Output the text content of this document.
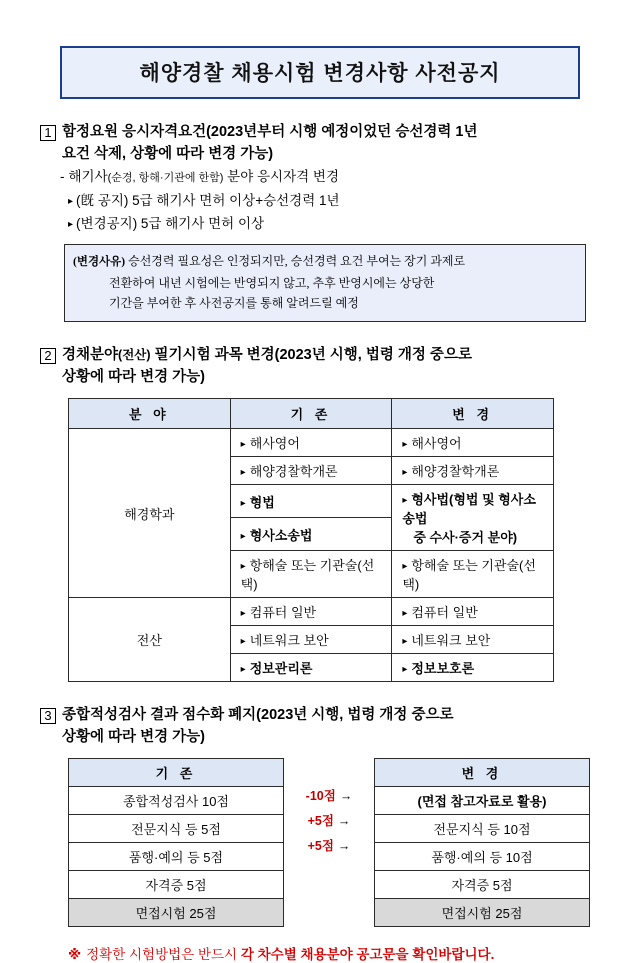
해양경찰 채용시험 변경사항 사전공지
1 함정요원 응시자격요건(2023년부터 시행 예정이었던 승선경력 1년
요건 삭제, 상황에 따라 변경 가능)
- 해기사(순경, 항해·기관에 한함) 분야 응시자격 변경
▸ (旣 공지) 5급 해기사 면허 이상+승선경력 1년
▸ (변경공지) 5급 해기사 면허 이상
(변경사유) 승선경력 필요성은 인정되지만, 승선경력 요건 부여는 장기 과제로
전환하여 내년 시험에는 반영되지 않고, 추후 반영시에는 상당한
기간을 부여한 후 사전공지를 통해 알려드릴 예정
2 경채분야(전산) 필기시험 과목 변경(2023년 시행, 법령 개정 중으로
상황에 따라 변경 가능)
분 야	기 존	변 경
해경학과	▸ 해사영어	▸ 해사영어
	▸ 해양경찰학개론	▸ 해양경찰학개론
	▸ 형법	▸ 형사법(형법 및 형사소송법
중 수사·증거 분야)
	▸ 형사소송법	
	▸ 항해술 또는 기관술(선택)	▸ 항해술 또는 기관술(선택)
전산	▸ 컴퓨터 일반	▸ 컴퓨터 일반
	▸ 네트워크 보안	▸ 네트워크 보안
	▸ 정보관리론	▸ 정보보호론
3 종합적성검사 결과 점수화 폐지(2023년 시행, 법령 개정 중으로
상황에 따라 변경 가능)
기 존
종합적성검사 10점
전문지식 등 5점
품행·예의 등 5점
자격증 5점
면접시험 25점
-10점 →
+5점 →
+5점 →
변 경
(면접 참고자료로 활용)
전문지식 등 10점
품행·예의 등 10점
자격증 5점
면접시험 25점
※ 정확한 시험방법은 반드시 각 차수별 채용분야 공고문을 확인바랍니다.
